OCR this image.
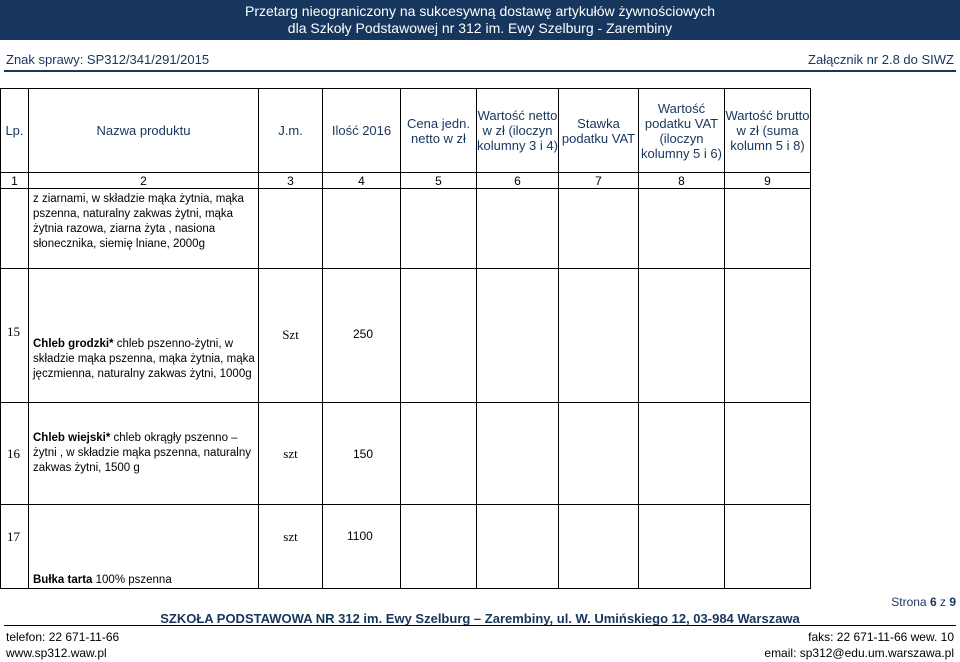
Przetarg nieograniczony na sukcesywną dostawę artykułów żywnościowych
dla Szkoły Podstawowej nr 312 im. Ewy Szelburg - Zarembiny
Znak sprawy: SP312/341/291/2015	Załącznik nr 2.8 do SIWZ
Lp.	Nazwa produktu	J.m.	Ilość 2016	Cena jedn. netto w zł	Wartość netto w zł (iloczyn kolumny 3 i 4)	Stawka podatku VAT	Wartość podatku VAT (iloczyn kolumny 5 i 6)	Wartość brutto w zł (suma kolumn 5 i 8)
1	2	3	4	5	6	7	8	9
	z ziarnami, w składzie mąka żytnia, mąka pszenna, naturalny zakwas żytni, mąka żytnia razowa, ziarna żyta , nasiona słonecznika, siemię lniane, 2000g							
15	Chleb grodzki* chleb pszenno-żytni, w składzie mąka pszenna, mąka żytnia, mąka jęczmienna, naturalny zakwas żytni, 1000g	Szt	250					
16	Chleb wiejski* chleb okrągły pszenno – żytni , w składzie mąka pszenna, naturalny zakwas żytni, 1500 g	szt	150					
17	Bułka tarta 100% pszenna	szt	1100					
Strona 6 z 9
SZKOŁA PODSTAWOWA NR 312 im. Ewy Szelburg – Zarembiny, ul. W. Umińskiego 12, 03-984 Warszawa
telefon: 22 671-11-66	faks: 22 671-11-66 wew. 10
www.sp312.waw.pl	email: sp312@edu.um.warszawa.pl
